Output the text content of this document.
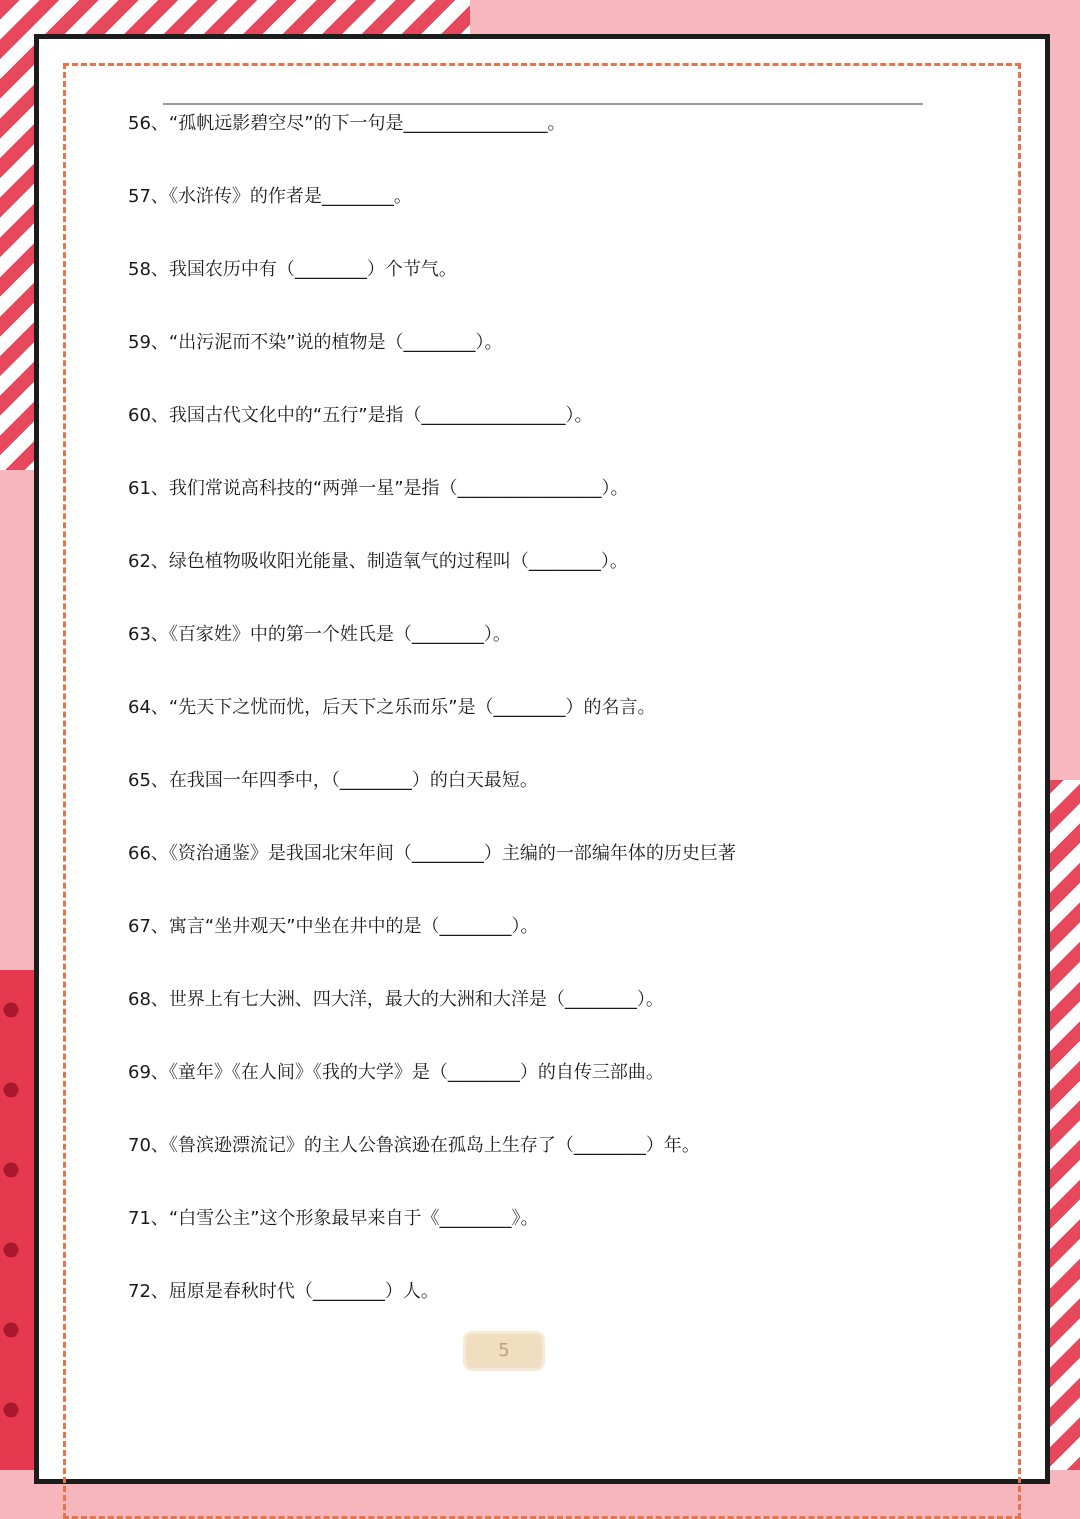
56、“孤帆远影碧空尽”的下一句是________________。
57、《水浒传》的作者是________。
58、我国农历中有（________）个节气。
59、“出污泥而不染”说的植物是（________）。
60、我国古代文化中的“五行”是指（________________）。
61、我们常说高科技的“两弹一星”是指（________________）。
62、绿色植物吸收阳光能量、制造氧气的过程叫（________）。
63、《百家姓》中的第一个姓氏是（________）。
64、“先天下之忧而忧，后天下之乐而乐”是（________）的名言。
65、在我国一年四季中，（________）的白天最短。
66、《资治通鉴》是我国北宋年间（________）主编的一部编年体的历史巨著
67、寓言“坐井观天”中坐在井中的是（________）。
68、世界上有七大洲、四大洋，最大的大洲和大洋是（________）。
69、《童年》《在人间》《我的大学》是（________）的自传三部曲。
70、《鲁滨逊漂流记》的主人公鲁滨逊在孤岛上生存了（________）年。
71、“白雪公主”这个形象最早来自于《________》。
72、屈原是春秋时代（________）人。
5
